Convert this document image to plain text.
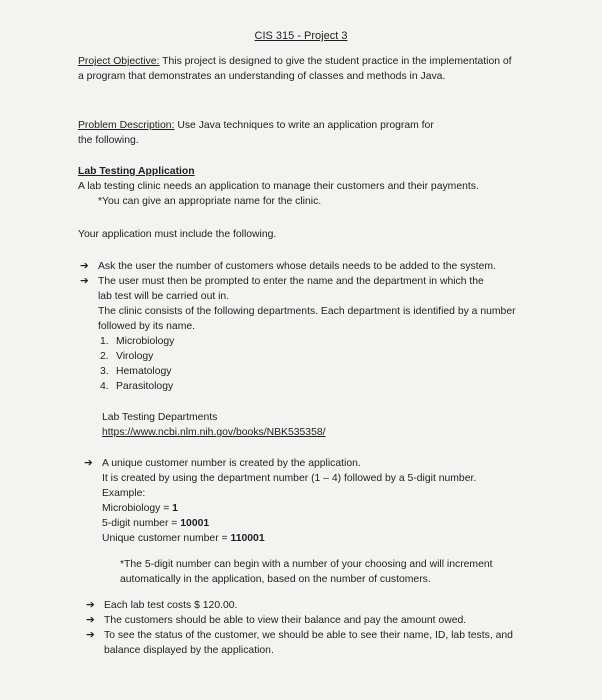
CIS 315 - Project 3
Project Objective: This project is designed to give the student practice in the implementation of a program that demonstrates an understanding of classes and methods in Java.
Problem Description: Use Java techniques to write an application program for the following.
Lab Testing Application
A lab testing clinic needs an application to manage their customers and their payments.
*You can give an appropriate name for the clinic.
Your application must include the following.
➔ Ask the user the number of customers whose details needs to be added to the system.
➔ The user must then be prompted to enter the name and the department in which the lab test will be carried out in.
The clinic consists of the following departments. Each department is identified by a number followed by its name.
1. Microbiology
2. Virology
3. Hematology
4. Parasitology
Lab Testing Departments
https://www.ncbi.nlm.nih.gov/books/NBK535358/
➔ A unique customer number is created by the application.
It is created by using the department number (1 – 4) followed by a 5-digit number.
Example:
Microbiology = 1
5-digit number = 10001
Unique customer number = 110001
*The 5-digit number can begin with a number of your choosing and will increment automatically in the application, based on the number of customers.
➔ Each lab test costs $ 120.00.
➔ The customers should be able to view their balance and pay the amount owed.
➔ To see the status of the customer, we should be able to see their name, ID, lab tests, and balance displayed by the application.
